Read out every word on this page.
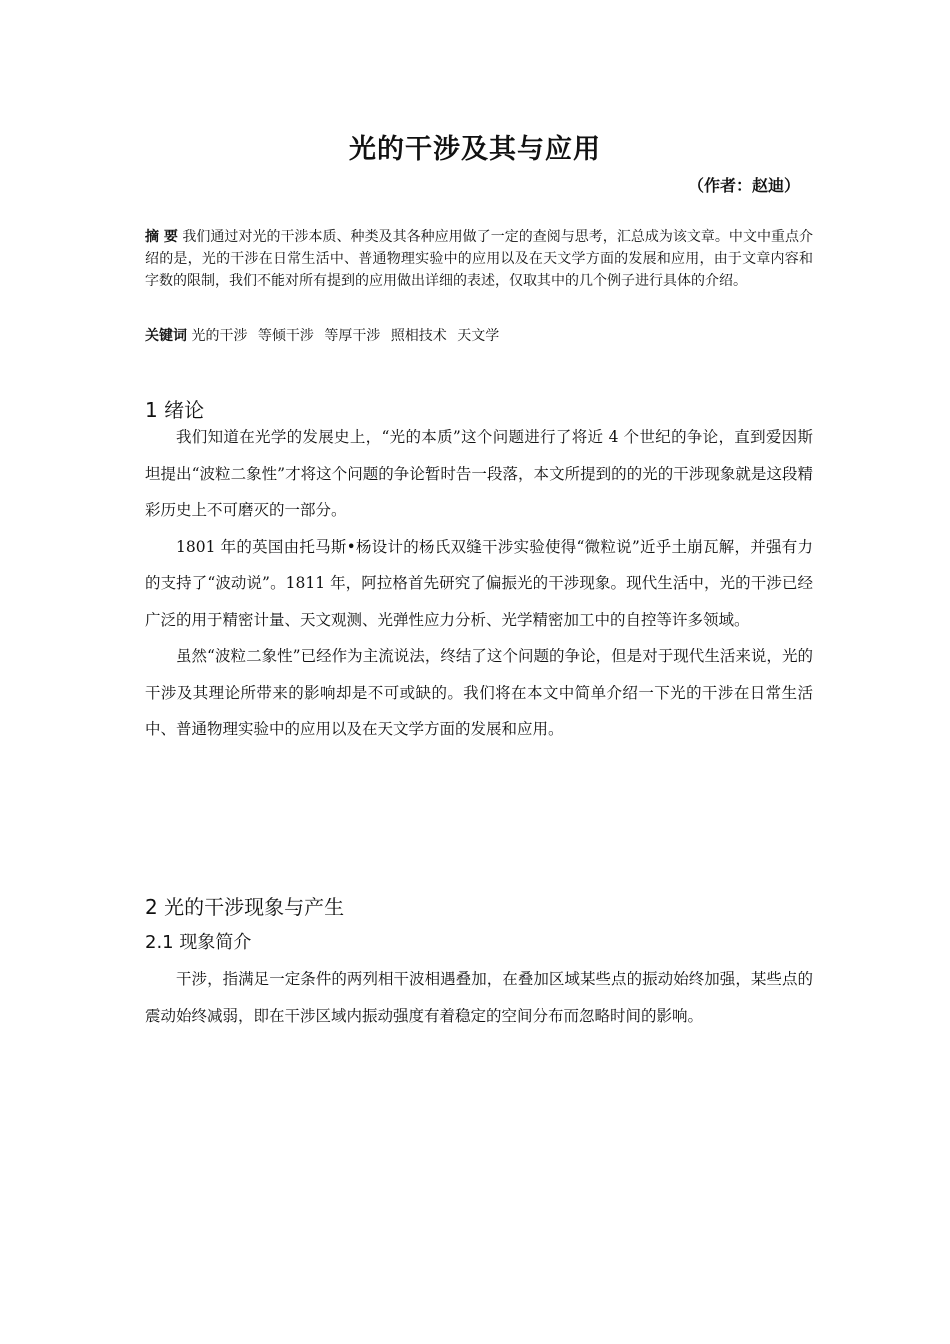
光的干涉及其与应用
（作者：赵迪）
摘 要 我们通过对光的干涉本质、种类及其各种应用做了一定的查阅与思考，汇总成为该文章。中文中重点介绍的是，光的干涉在日常生活中、普通物理实验中的应用以及在天文学方面的发展和应用，由于文章内容和字数的限制，我们不能对所有提到的应用做出详细的表述，仅取其中的几个例子进行具体的介绍。
关键词 光的干涉 等倾干涉 等厚干涉 照相技术 天文学
1 绪论

我们知道在光学的发展史上，“光的本质”这个问题进行了将近 4 个世纪的争论，直到爱因斯坦提出“波粒二象性”才将这个问题的争论暂时告一段落，本文所提到的的光的干涉现象就是这段精彩历史上不可磨灭的一部分。

1801 年的英国由托马斯•杨设计的杨氏双缝干涉实验使得“微粒说”近乎土崩瓦解，并强有力的支持了“波动说”。1811 年，阿拉格首先研究了偏振光的干涉现象。现代生活中，光的干涉已经广泛的用于精密计量、天文观测、光弹性应力分析、光学精密加工中的自控等许多领域。

虽然“波粒二象性”已经作为主流说法，终结了这个问题的争论，但是对于现代生活来说，光的干涉及其理论所带来的影响却是不可或缺的。我们将在本文中简单介绍一下光的干涉在日常生活中、普通物理实验中的应用以及在天文学方面的发展和应用。

2 光的干涉现象与产生
2.1 现象简介

干涉，指满足一定条件的两列相干波相遇叠加，在叠加区域某些点的振动始终加强，某些点的震动始终减弱，即在干涉区域内振动强度有着稳定的空间分布而忽略时间的影响。
